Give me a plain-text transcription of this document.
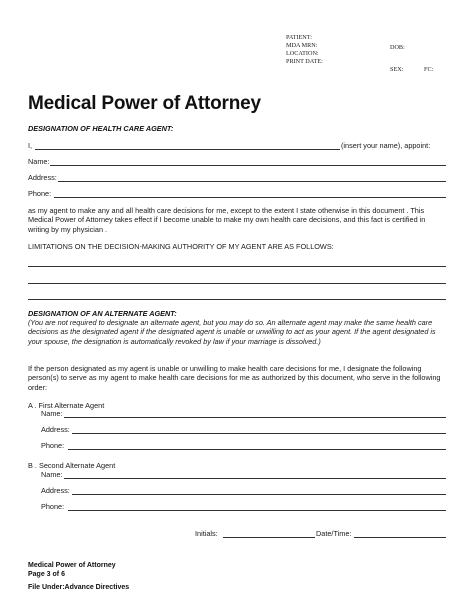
PATIENT:
MDA MRN:
LOCATION:
PRINT DATE:
DOB:
SEX:	FC:
Medical Power of Attorney
DESIGNATION OF HEALTH CARE AGENT:
I,	(insert your name), appoint:
Name:
Address:
Phone:
as my agent to make any and all health care decisions for me, except to the extent I state otherwise in this document . This Medical Power of Attorney takes effect if I become unable to make my own health care decisions, and this fact is certified in writing by my physician .
LIMITATIONS ON THE DECISION-MAKING AUTHORITY OF MY AGENT ARE AS FOLLOWS:
DESIGNATION OF AN ALTERNATE AGENT:
(You are not required to designate an alternate agent, but you may do so. An alternate agent may make the same health care decisions as the designated agent if the designated agent is unable or unwilling to act as your agent. If the agent designated is your spouse, the designation is automatically revoked by law if your marriage is dissolved.)
If the person designated as my agent is unable or unwilling to make health care decisions for me, I designate the following person(s) to serve as my agent to make health care decisions for me as authorized by this document, who serve in the following order:
A . First Alternate Agent
Name:
Address:
Phone:
B . Second Alternate Agent
Name:
Address:
Phone:
Initials:	Date/Time:
Medical Power of Attorney
Page 3 of 6
File Under:Advance Directives
